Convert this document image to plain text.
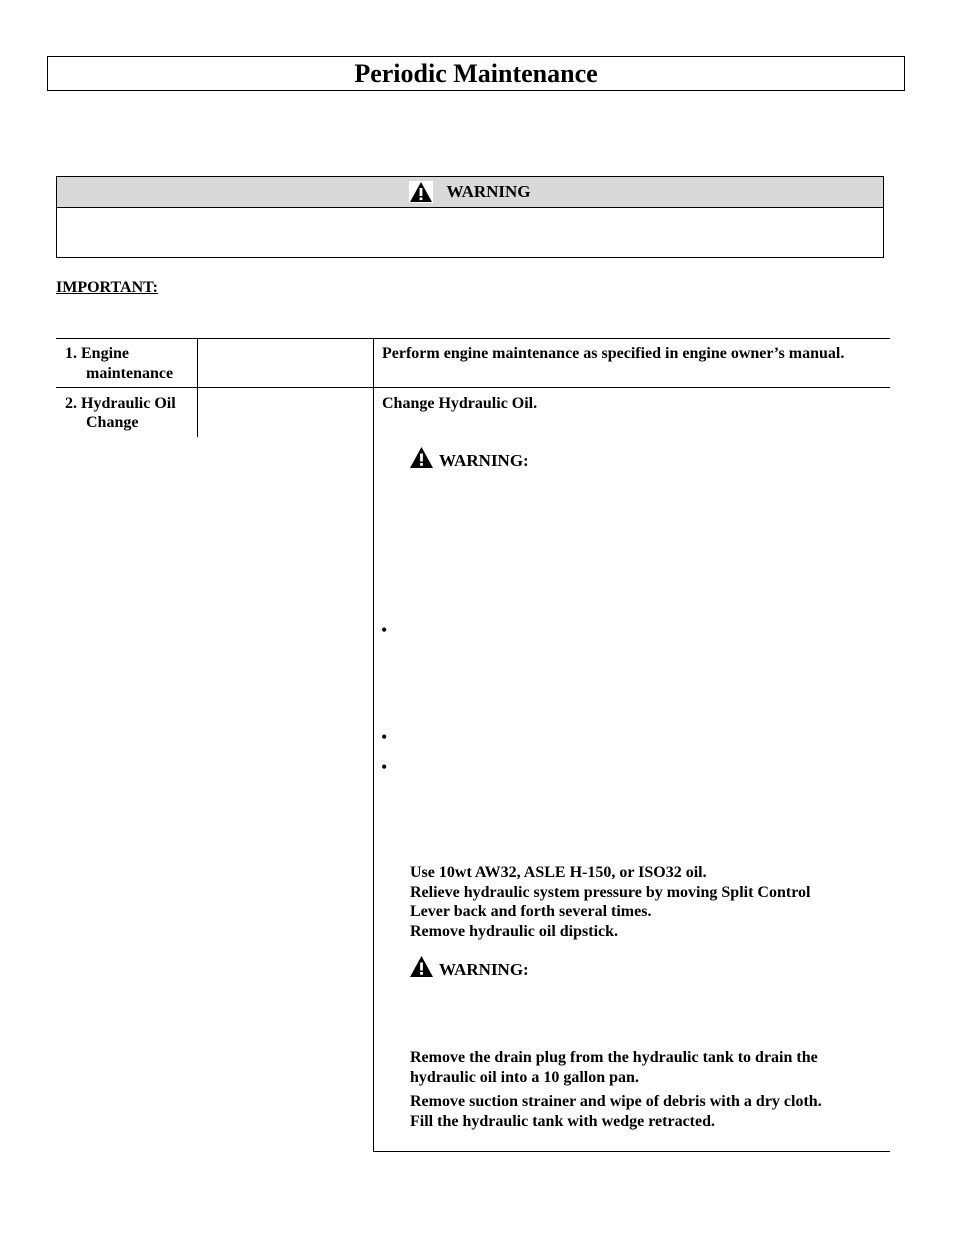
Periodic Maintenance
WARNING
IMPORTANT:
1. Engine
maintenance
Perform engine maintenance as specified in engine owner’s manual.
2. Hydraulic Oil
Change
Change Hydraulic Oil.
WARNING:
•
•
•
Use 10wt AW32, ASLE H-150, or ISO32 oil.
Relieve hydraulic system pressure by moving Split Control
Lever back and forth several times.
Remove hydraulic oil dipstick.
WARNING:
Remove the drain plug from the hydraulic tank to drain the
hydraulic oil into a 10 gallon pan.
Remove suction strainer and wipe of debris with a dry cloth.
Fill the hydraulic tank with wedge retracted.
